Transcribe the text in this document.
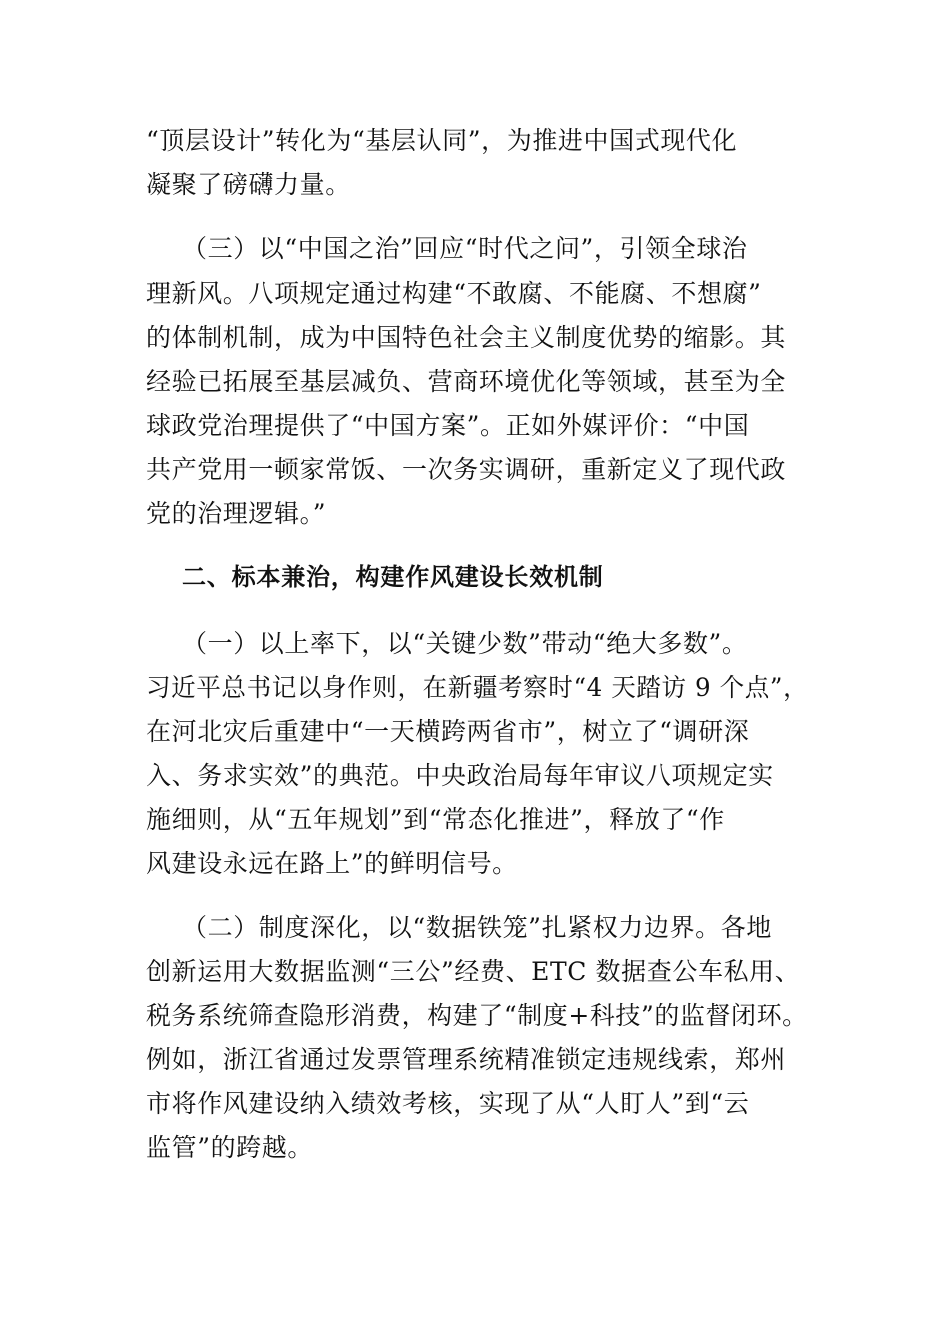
“顶层设计”转化为“基层认同”，为推进中国式现代化
凝聚了磅礴力量。
（三）以“中国之治”回应“时代之问”，引领全球治
理新风。八项规定通过构建“不敢腐、不能腐、不想腐”
的体制机制，成为中国特色社会主义制度优势的缩影。其
经验已拓展至基层减负、营商环境优化等领域，甚至为全
球政党治理提供了“中国方案”。正如外媒评价：“中国
共产党用一顿家常饭、一次务实调研，重新定义了现代政
党的治理逻辑。”
二、标本兼治，构建作风建设长效机制
（一）以上率下，以“关键少数”带动“绝大多数”。
习近平总书记以身作则，在新疆考察时“4 天踏访 9 个点”，
在河北灾后重建中“一天横跨两省市”，树立了“调研深
入、务求实效”的典范。中央政治局每年审议八项规定实
施细则，从“五年规划”到“常态化推进”，释放了“作
风建设永远在路上”的鲜明信号。
（二）制度深化，以“数据铁笼”扎紧权力边界。各地
创新运用大数据监测“三公”经费、ETC 数据查公车私用、
税务系统筛查隐形消费，构建了“制度+科技”的监督闭环。
例如，浙江省通过发票管理系统精准锁定违规线索，郑州
市将作风建设纳入绩效考核，实现了从“人盯人”到“云
监管”的跨越。
